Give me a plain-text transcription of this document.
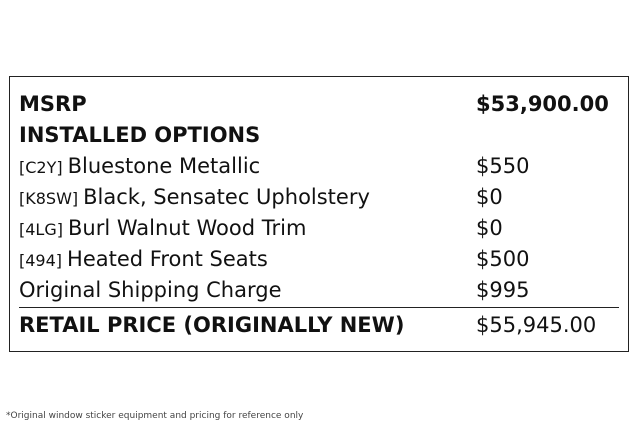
MSRP	$53,900.00
INSTALLED OPTIONS
[C2Y] Bluestone Metallic	$550
[K8SW] Black, Sensatec Upholstery	$0
[4LG] Burl Walnut Wood Trim	$0
[494] Heated Front Seats	$500
Original Shipping Charge	$995
RETAIL PRICE (ORIGINALLY NEW)	$55,945.00
*Original window sticker equipment and pricing for reference only
